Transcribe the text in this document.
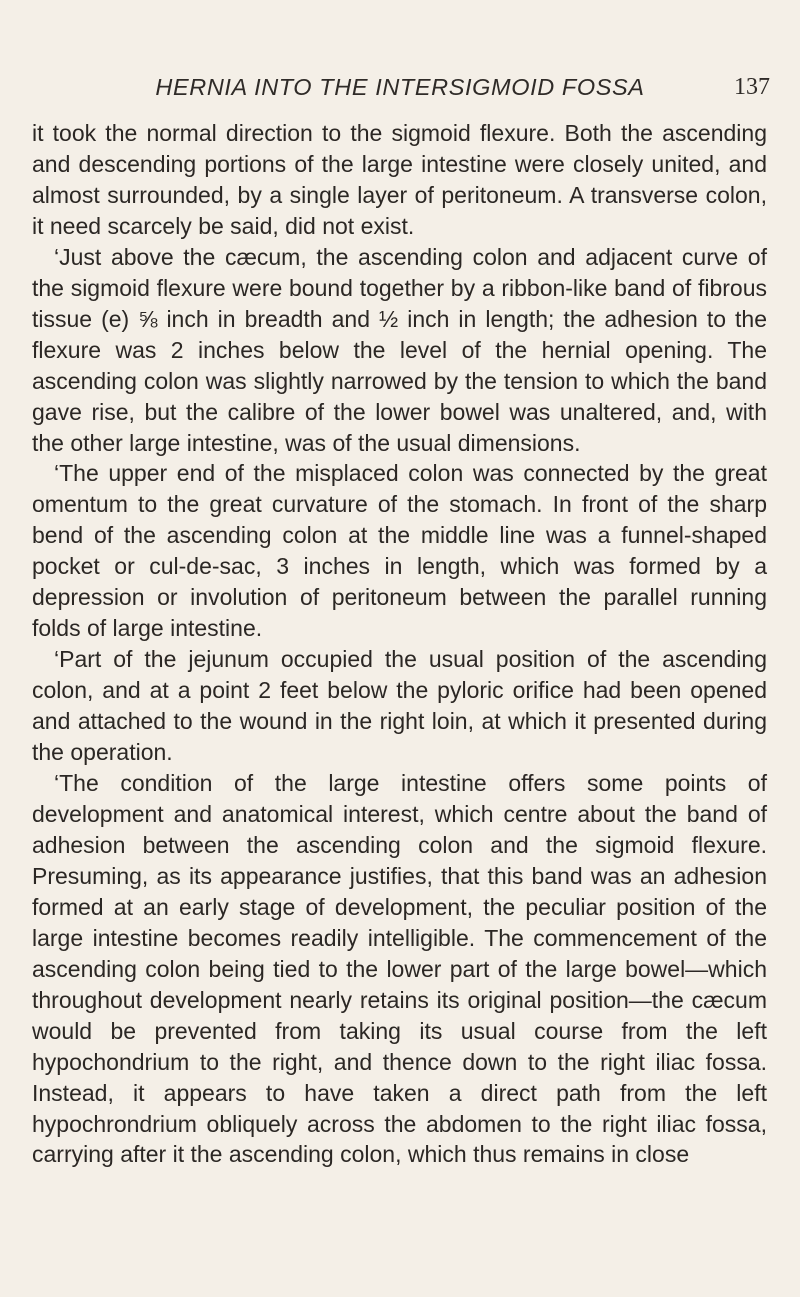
HERNIA INTO THE INTERSIGMOID FOSSA	137

it took the normal direction to the sigmoid flexure. Both the ascending and descending portions of the large intestine were closely united, and almost surrounded, by a single layer of peritoneum. A transverse colon, it need scarcely be said, did not exist.

‘Just above the cæcum, the ascending colon and adjacent curve of the sigmoid flexure were bound together by a ribbon-like band of fibrous tissue (e) ⅝ inch in breadth and ½ inch in length; the adhesion to the flexure was 2 inches below the level of the hernial opening. The ascending colon was slightly narrowed by the tension to which the band gave rise, but the calibre of the lower bowel was unaltered, and, with the other large intestine, was of the usual dimensions.

‘The upper end of the misplaced colon was connected by the great omentum to the great curvature of the stomach. In front of the sharp bend of the ascending colon at the middle line was a funnel-shaped pocket or cul-de-sac, 3 inches in length, which was formed by a depression or involution of peritoneum between the parallel running folds of large intestine.

‘Part of the jejunum occupied the usual position of the ascending colon, and at a point 2 feet below the pyloric orifice had been opened and attached to the wound in the right loin, at which it presented during the operation.

‘The condition of the large intestine offers some points of development and anatomical interest, which centre about the band of adhesion between the ascending colon and the sigmoid flexure. Presuming, as its appearance justifies, that this band was an adhesion formed at an early stage of development, the peculiar position of the large intestine becomes readily intelligible. The commencement of the ascending colon being tied to the lower part of the large bowel—which throughout development nearly retains its original position—the cæcum would be prevented from taking its usual course from the left hypochondrium to the right, and thence down to the right iliac fossa. Instead, it appears to have taken a direct path from the left hypochrondrium obliquely across the abdomen to the right iliac fossa, carrying after it the ascending colon, which thus remains in close
